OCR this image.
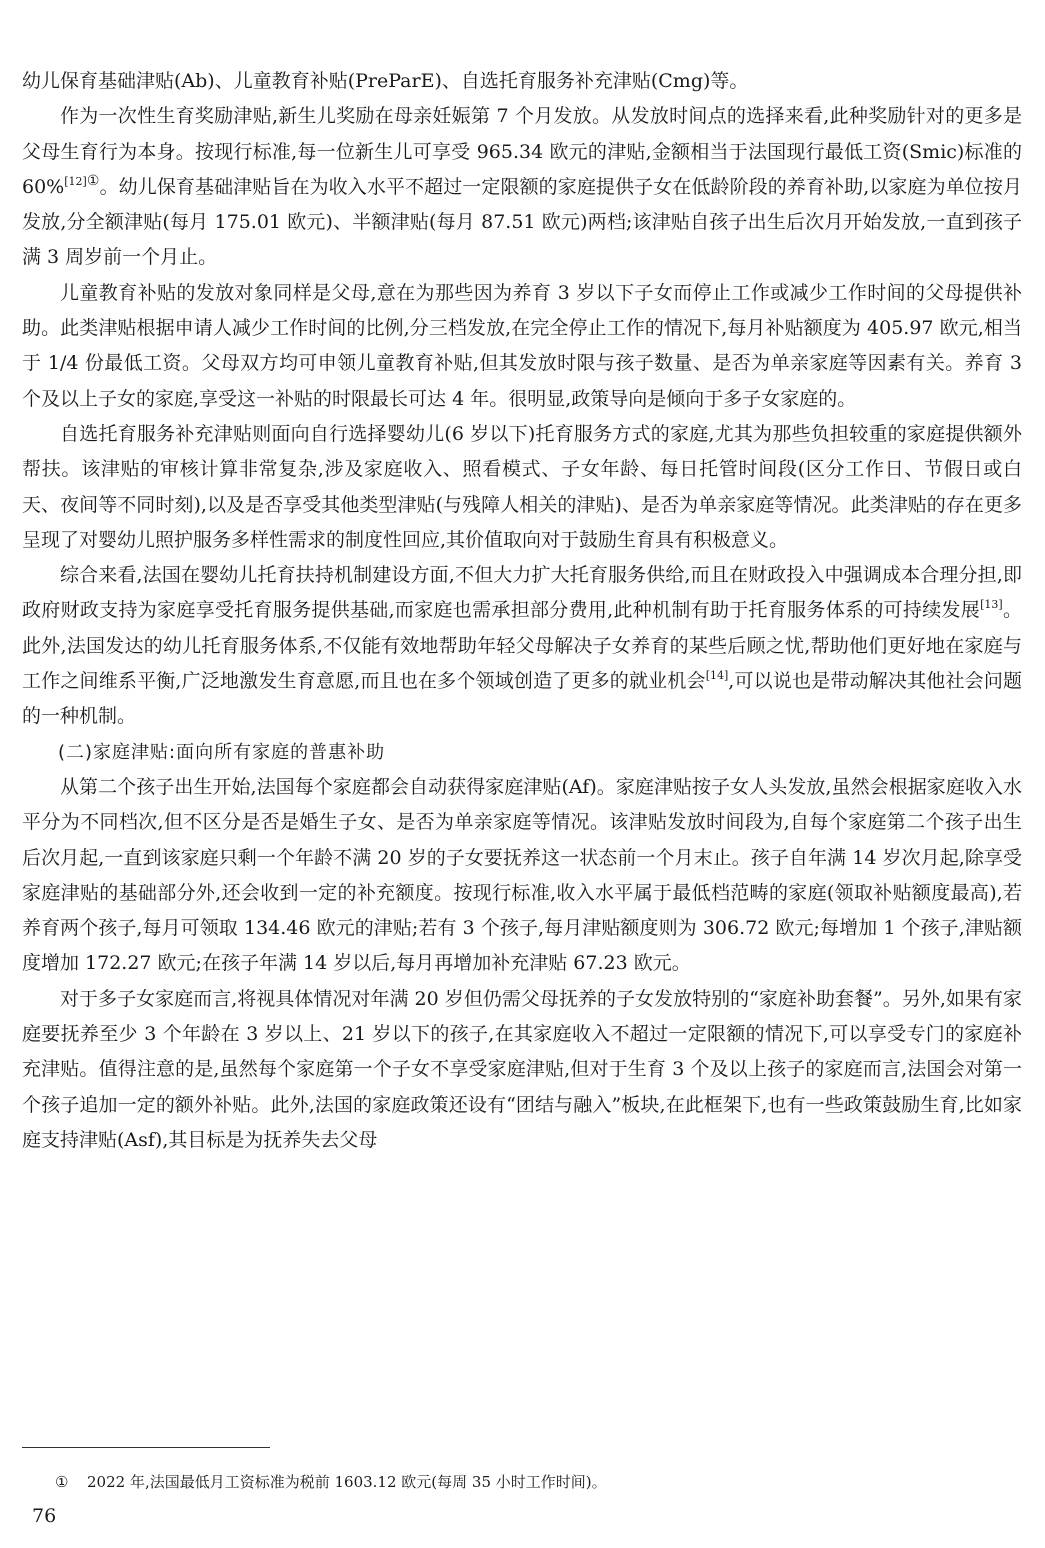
幼儿保育基础津贴(Ab)、儿童教育补贴(PreParE)、自选托育服务补充津贴(Cmg)等。

作为一次性生育奖励津贴,新生儿奖励在母亲妊娠第 7 个月发放。从发放时间点的选择来看,此种奖励针对的更多是父母生育行为本身。按现行标准,每一位新生儿可享受 965.34 欧元的津贴,金额相当于法国现行最低工资(Smic)标准的 60%$^{[12]①}$。幼儿保育基础津贴旨在为收入水平不超过一定限额的家庭提供子女在低龄阶段的养育补助,以家庭为单位按月发放,分全额津贴(每月 175.01 欧元)、半额津贴(每月 87.51 欧元)两档;该津贴自孩子出生后次月开始发放,一直到孩子满 3 周岁前一个月止。

儿童教育补贴的发放对象同样是父母,意在为那些因为养育 3 岁以下子女而停止工作或减少工作时间的父母提供补助。此类津贴根据申请人减少工作时间的比例,分三档发放,在完全停止工作的情况下,每月补贴额度为 405.97 欧元,相当于 1/4 份最低工资。父母双方均可申领儿童教育补贴,但其发放时限与孩子数量、是否为单亲家庭等因素有关。养育 3 个及以上子女的家庭,享受这一补贴的时限最长可达 4 年。很明显,政策导向是倾向于多子女家庭的。

自选托育服务补充津贴则面向自行选择婴幼儿(6 岁以下)托育服务方式的家庭,尤其为那些负担较重的家庭提供额外帮扶。该津贴的审核计算非常复杂,涉及家庭收入、照看模式、子女年龄、每日托管时间段(区分工作日、节假日或白天、夜间等不同时刻),以及是否享受其他类型津贴(与残障人相关的津贴)、是否为单亲家庭等情况。此类津贴的存在更多呈现了对婴幼儿照护服务多样性需求的制度性回应,其价值取向对于鼓励生育具有积极意义。

综合来看,法国在婴幼儿托育扶持机制建设方面,不但大力扩大托育服务供给,而且在财政投入中强调成本合理分担,即政府财政支持为家庭享受托育服务提供基础,而家庭也需承担部分费用,此种机制有助于托育服务体系的可持续发展[13]。此外,法国发达的幼儿托育服务体系,不仅能有效地帮助年轻父母解决子女养育的某些后顾之忧,帮助他们更好地在家庭与工作之间维系平衡,广泛地激发生育意愿,而且也在多个领域创造了更多的就业机会[14],可以说也是带动解决其他社会问题的一种机制。

(二)家庭津贴:面向所有家庭的普惠补助

从第二个孩子出生开始,法国每个家庭都会自动获得家庭津贴(Af)。家庭津贴按子女人头发放,虽然会根据家庭收入水平分为不同档次,但不区分是否是婚生子女、是否为单亲家庭等情况。该津贴发放时间段为,自每个家庭第二个孩子出生后次月起,一直到该家庭只剩一个年龄不满 20 岁的子女要抚养这一状态前一个月末止。孩子自年满 14 岁次月起,除享受家庭津贴的基础部分外,还会收到一定的补充额度。按现行标准,收入水平属于最低档范畴的家庭(领取补贴额度最高),若养育两个孩子,每月可领取 134.46 欧元的津贴;若有 3 个孩子,每月津贴额度则为 306.72 欧元;每增加 1 个孩子,津贴额度增加 172.27 欧元;在孩子年满 14 岁以后,每月再增加补充津贴 67.23 欧元。

对于多子女家庭而言,将视具体情况对年满 20 岁但仍需父母抚养的子女发放特别的“家庭补助套餐”。另外,如果有家庭要抚养至少 3 个年龄在 3 岁以上、21 岁以下的孩子,在其家庭收入不超过一定限额的情况下,可以享受专门的家庭补充津贴。值得注意的是,虽然每个家庭第一个子女不享受家庭津贴,但对于生育 3 个及以上孩子的家庭而言,法国会对第一个孩子追加一定的额外补贴。此外,法国的家庭政策还设有“团结与融入”板块,在此框架下,也有一些政策鼓励生育,比如家庭支持津贴(Asf),其目标是为抚养失去父母

① 2022 年,法国最低月工资标准为税前 1603.12 欧元(每周 35 小时工作时间)。
76
